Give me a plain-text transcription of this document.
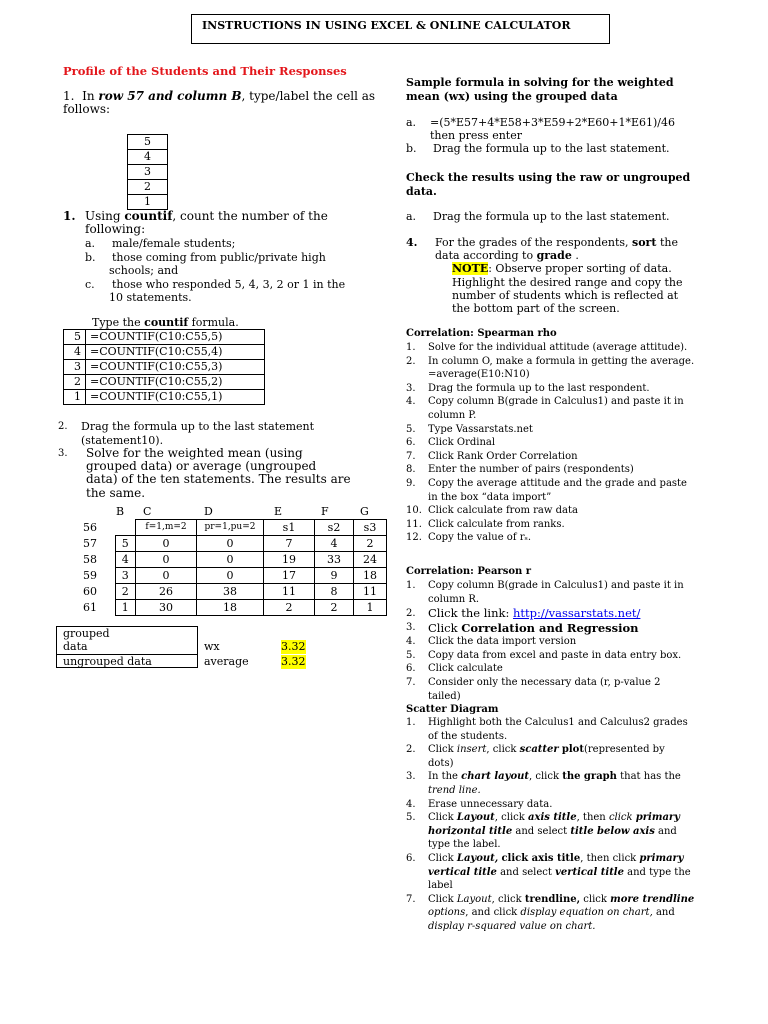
INSTRUCTIONS IN USING EXCEL & ONLINE CALCULATOR
Profile of the Students and Their Responses
1. In row 57 and column B, type/label the cell as
follows:
5
4
3
2
1
1. Using countif, count the number of the
following:
a. male/female students;
b. those coming from public/private high
schools; and
c. those who responded 5, 4, 3, 2 or 1 in the
10 statements.
Type the countif formula.
5	=COUNTIF(C10:C55,5)
4	=COUNTIF(C10:C55,4)
3	=COUNTIF(C10:C55,3)
2	=COUNTIF(C10:C55,2)
1	=COUNTIF(C10:C55,1)
2. Drag the formula up to the last statement
(statement10).
3. Solve for the weighted mean (using
grouped data) or average (ungrouped
data) of the ten statements. The results are
the same.
B C	D	E	F	G
56		f=1,m=2	pr=1,pu=2	s1	s2	s3
57	5	0	0	7	4	2
58	4	0	0	19	33	24
59	3	0	0	17	9	18
60	2	26	38	11	8	11
61	1	30	18	2	2	1
grouped
data
ungrouped data
wx	3.32
average	3.32
Sample formula in solving for the weighted
mean (wx) using the grouped data
a. =(5*E57+4*E58+3*E59+2*E60+1*E61)/46
then press enter
b. Drag the formula up to the last statement.
Check the results using the raw or ungrouped
data.
a. Drag the formula up to the last statement.
4. For the grades of the respondents, sort the
data according to grade .
NOTE: Observe proper sorting of data.
Highlight the desired range and copy the
number of students which is reflected at
the bottom part of the screen.
Correlation: Spearman rho
1. Solve for the individual attitude (average attitude).
2. In column O, make a formula in getting the average.
=average(E10:N10)
3. Drag the formula up to the last respondent.
4. Copy column B(grade in Calculus1) and paste it in
column P.
5. Type Vassarstats.net
6. Click Ordinal
7. Click Rank Order Correlation
8. Enter the number of pairs (respondents)
9. Copy the average attitude and the grade and paste
in the box “data import”
10. Click calculate from raw data
11. Click calculate from ranks.
12. Copy the value of rₛ.
Correlation: Pearson r
1. Copy column B(grade in Calculus1) and paste it in
column R.
2. Click the link: http://vassarstats.net/
3. Click Correlation and Regression
4. Click the data import version
5. Copy data from excel and paste in data entry box.
6. Click calculate
7. Consider only the necessary data (r, p-value 2
tailed)
Scatter Diagram
1. Highlight both the Calculus1 and Calculus2 grades
of the students.
2. Click insert, click scatter plot(represented by
dots)
3. In the chart layout, click the graph that has the
trend line.
4. Erase unnecessary data.
5. Click Layout, click axis title, then click primary
horizontal title and select title below axis and
type the label.
6. Click Layout, click axis title, then click primary
vertical title and select vertical title and type the
label
7. Click Layout, click trendline, click more trendline
options, and click display equation on chart, and
display r-squared value on chart.
